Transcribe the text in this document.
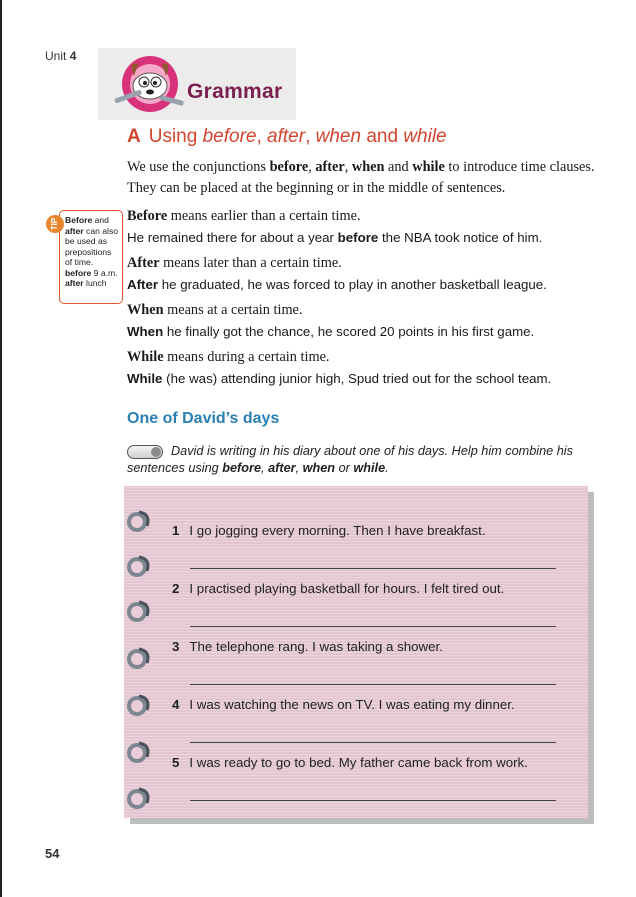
Unit 4
Grammar
A Using before, after, when and while
We use the conjunctions before, after, when and while to introduce time clauses. They can be placed at the beginning or in the middle of sentences.
TIP Before and after can also be used as prepositions of time.
before 9 a.m.
after lunch
Before means earlier than a certain time.
He remained there for about a year before the NBA took notice of him.
After means later than a certain time.
After he graduated, he was forced to play in another basketball league.
When means at a certain time.
When he finally got the chance, he scored 20 points in his first game.
While means during a certain time.
While (he was) attending junior high, Spud tried out for the school team.
One of David’s days
David is writing in his diary about one of his days. Help him combine his sentences using before, after, when or while.
1 I go jogging every morning. Then I have breakfast.
2 I practised playing basketball for hours. I felt tired out.
3 The telephone rang. I was taking a shower.
4 I was watching the news on TV. I was eating my dinner.
5 I was ready to go to bed. My father came back from work.
54
